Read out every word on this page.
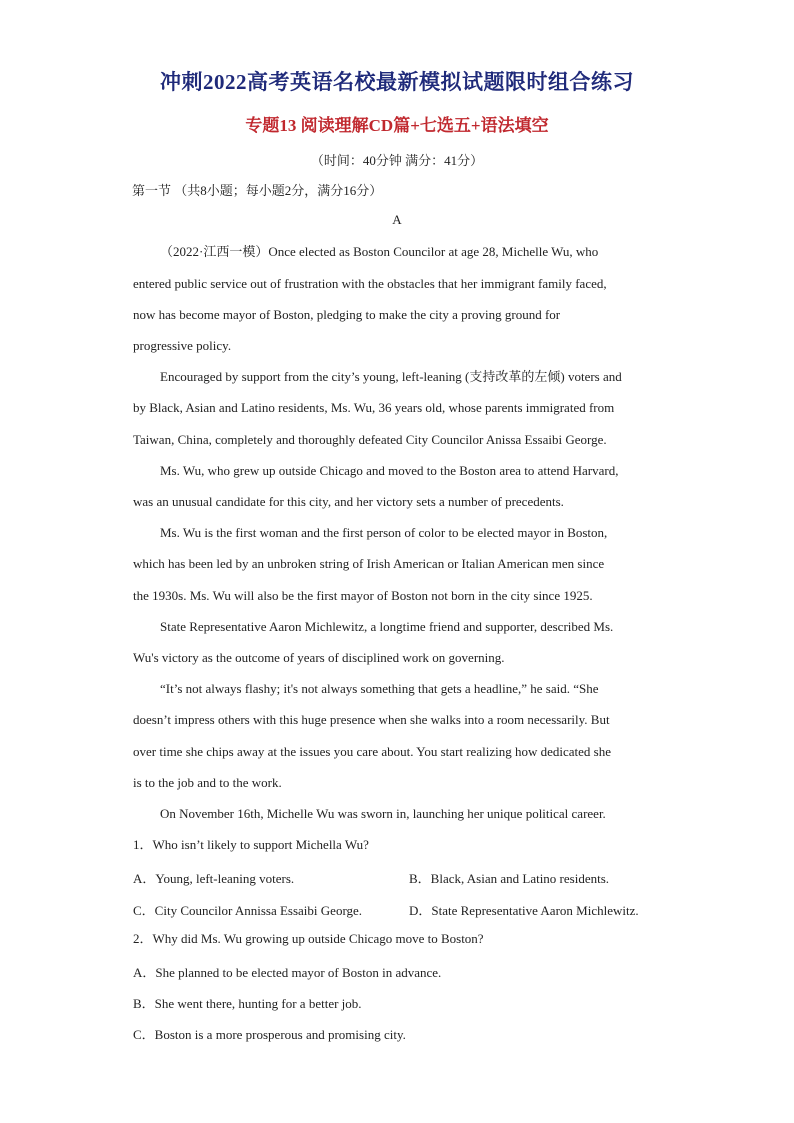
冲刺2022高考英语名校最新模拟试题限时组合练习
专题13 阅读理解CD篇+七选五+语法填空
（时间：40分钟 满分：41分）
第一节 （共8小题；每小题2分，满分16分）
A
（2022·江西一模）Once elected as Boston Councilor at age 28, Michelle Wu, who
entered public service out of frustration with the obstacles that her immigrant family faced,
now has become mayor of Boston, pledging to make the city a proving ground for
progressive policy.
Encouraged by support from the city’s young, left-leaning (支持改革的左倾) voters and
by Black, Asian and Latino residents, Ms. Wu, 36 years old, whose parents immigrated from
Taiwan, China, completely and thoroughly defeated City Councilor Anissa Essaibi George.
Ms. Wu, who grew up outside Chicago and moved to the Boston area to attend Harvard,
was an unusual candidate for this city, and her victory sets a number of precedents.
Ms. Wu is the first woman and the first person of color to be elected mayor in Boston,
which has been led by an unbroken string of Irish American or Italian American men since
the 1930s. Ms. Wu will also be the first mayor of Boston not born in the city since 1925.
State Representative Aaron Michlewitz, a longtime friend and supporter, described Ms.
Wu's victory as the outcome of years of disciplined work on governing.
“It’s not always flashy; it's not always something that gets a headline,” he said. “She
doesn’t impress others with this huge presence when she walks into a room necessarily. But
over time she chips away at the issues you care about. You start realizing how dedicated she
is to the job and to the work.
On November 16th, Michelle Wu was sworn in, launching her unique political career.
1．Who isn’t likely to support Michella Wu?
A．Young, left-leaning voters.	B．Black, Asian and Latino residents.
C．City Councilor Annissa Essaibi George.	D．State Representative Aaron Michlewitz.
2．Why did Ms. Wu growing up outside Chicago move to Boston?
A．She planned to be elected mayor of Boston in advance.
B．She went there, hunting for a better job.
C．Boston is a more prosperous and promising city.
